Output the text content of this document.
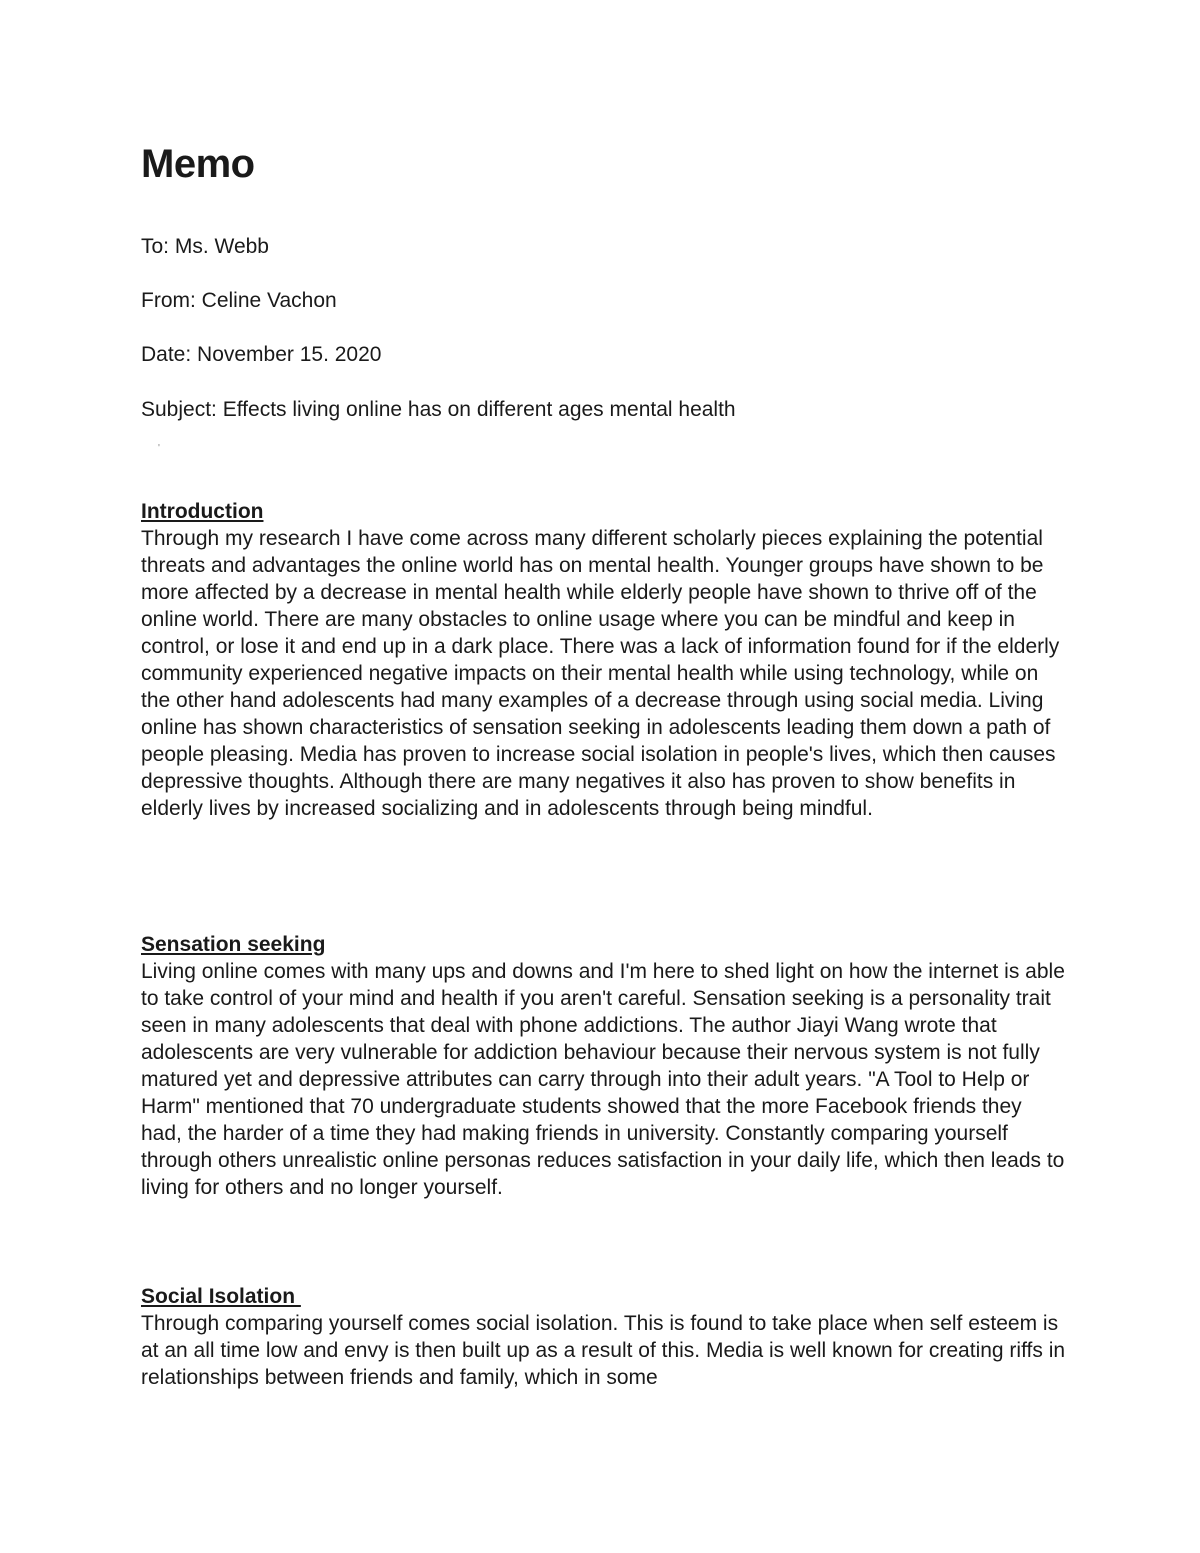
Memo

To: Ms. Webb

From: Celine Vachon

Date: November 15. 2020

Subject: Effects living online has on different ages mental health

'
Introduction

Through my research I have come across many different scholarly pieces explaining the potential threats and advantages the online world has on mental health. Younger groups have shown to be more affected by a decrease in mental health while elderly people have shown to thrive off of the online world. There are many obstacles to online usage where you can be mindful and keep in control, or lose it and end up in a dark place. There was a lack of information found for if the elderly community experienced negative impacts on their mental health while using technology, while on the other hand adolescents had many examples of a decrease through using social media. Living online has shown characteristics of sensation seeking in adolescents leading them down a path of people pleasing. Media has proven to increase social isolation in people's lives, which then causes depressive thoughts. Although there are many negatives it also has proven to show benefits in elderly lives by increased socializing and in adolescents through being mindful.

Sensation seeking

Living online comes with many ups and downs and I'm here to shed light on how the internet is able to take control of your mind and health if you aren't careful. Sensation seeking is a personality trait seen in many adolescents that deal with phone addictions. The author Jiayi Wang wrote that adolescents are very vulnerable for addiction behaviour because their nervous system is not fully matured yet and depressive attributes can carry through into their adult years. "A Tool to Help or Harm" mentioned that 70 undergraduate students showed that the more Facebook friends they had, the harder of a time they had making friends in university. Constantly comparing yourself through others unrealistic online personas reduces satisfaction in your daily life, which then leads to living for others and no longer yourself.

Social Isolation

Through comparing yourself comes social isolation. This is found to take place when self esteem is at an all time low and envy is then built up as a result of this. Media is well known for creating riffs in relationships between friends and family, which in some
